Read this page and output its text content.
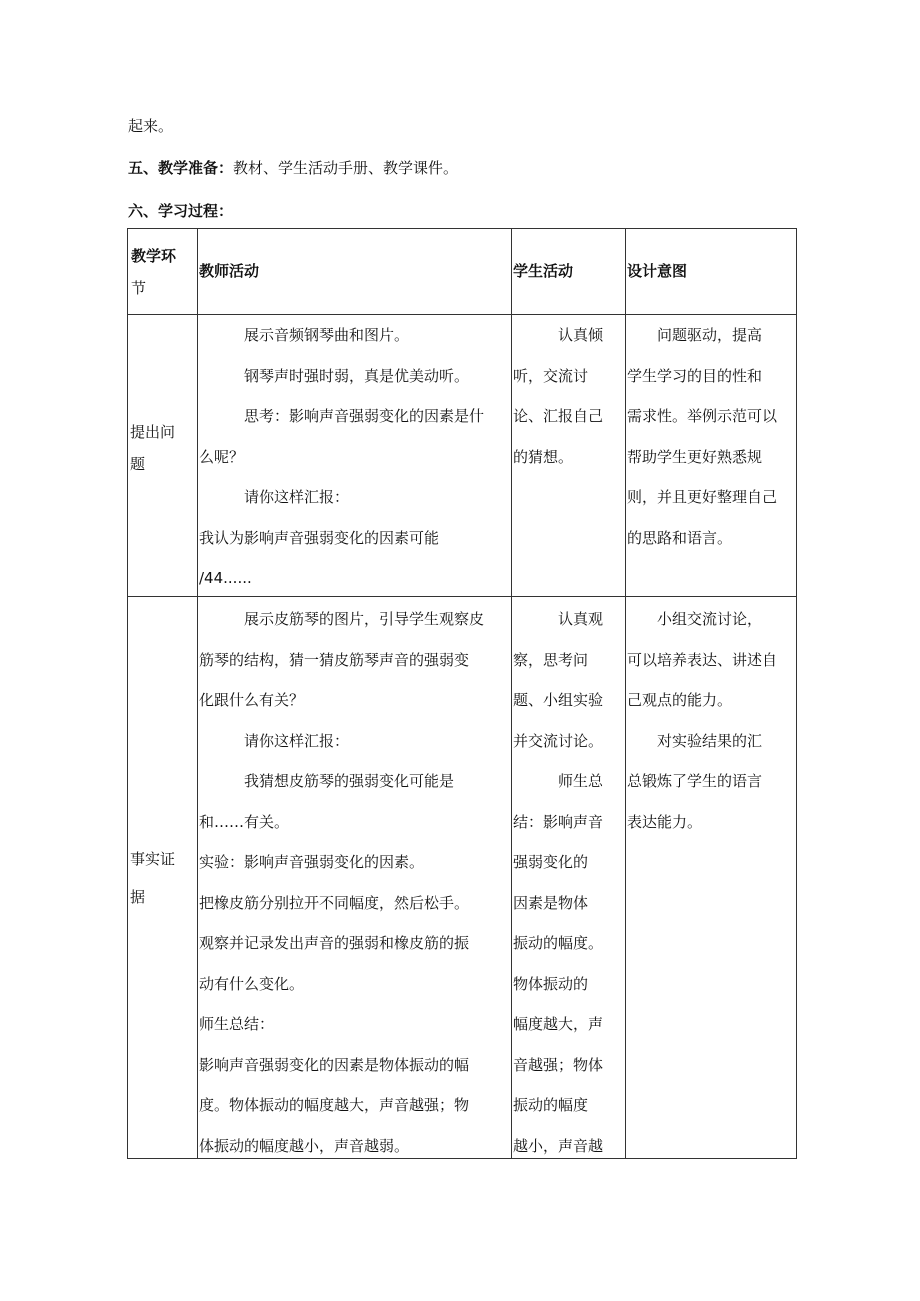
起来。
五、教学准备：教材、学生活动手册、教学课件。
六、学习过程：
教学环
节
教师活动	学生活动	设计意图
提出问
题
展示音频钢琴曲和图片。
钢琴声时强时弱，真是优美动听。
思考：影响声音强弱变化的因素是什
么呢？
请你这样汇报：
我认为影响声音强弱变化的因素可能
/44......
认真倾
听，交流讨
论、汇报自己
的猜想。
问题驱动，提高
学生学习的目的性和
需求性。举例示范可以
帮助学生更好熟悉规
则，并且更好整理自己
的思路和语言。
事实证
据
展示皮筋琴的图片，引导学生观察皮
筋琴的结构，猜一猜皮筋琴声音的强弱变
化跟什么有关？
请你这样汇报：
我猜想皮筋琴的强弱变化可能是
和……有关。
实验：影响声音强弱变化的因素。
把橡皮筋分别拉开不同幅度，然后松手。
观察并记录发出声音的强弱和橡皮筋的振
动有什么变化。
师生总结：
影响声音强弱变化的因素是物体振动的幅
度。物体振动的幅度越大，声音越强；物
体振动的幅度越小，声音越弱。
认真观
察，思考问
题、小组实验
并交流讨论。
师生总
结：影响声音
强弱变化的
因素是物体
振动的幅度。
物体振动的
幅度越大，声
音越强；物体
振动的幅度
越小，声音越
小组交流讨论，
可以培养表达、讲述自
己观点的能力。
对实验结果的汇
总锻炼了学生的语言
表达能力。
